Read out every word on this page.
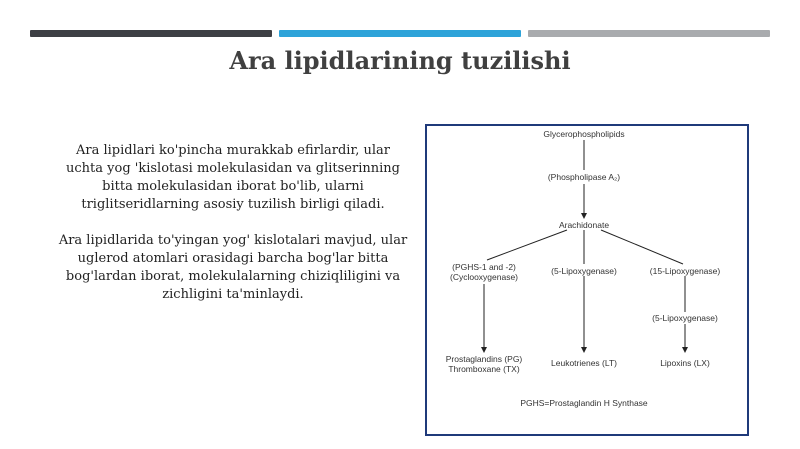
Ara lipidlarining tuzilishi

Ara lipidlari ko'pincha murakkab efirlardir, ular uchta yog 'kislotasi molekulasidan va glitserinning bitta molekulasidan iborat bo'lib, ularni triglitseridlarning asosiy tuzilish birligi qiladi.

Ara lipidlarida to'yingan yog' kislotalari mavjud, ular uglerod atomlari orasidagi barcha bog'lar bitta bog'lardan iborat, molekulalarning chiziqliligini va zichligini ta'minlaydi.

Glycerophospholipids
(Phospholipase A₂)
Arachidonate
(PGHS-1 and -2)
(Cyclooxygenase)
(5-Lipoxygenase)	(15-Lipoxygenase)
(5-Lipoxygenase)
Prostaglandins (PG)
Thromboxane (TX)
Leukotrienes (LT)	Lipoxins (LX)
PGHS=Prostaglandin H Synthase
